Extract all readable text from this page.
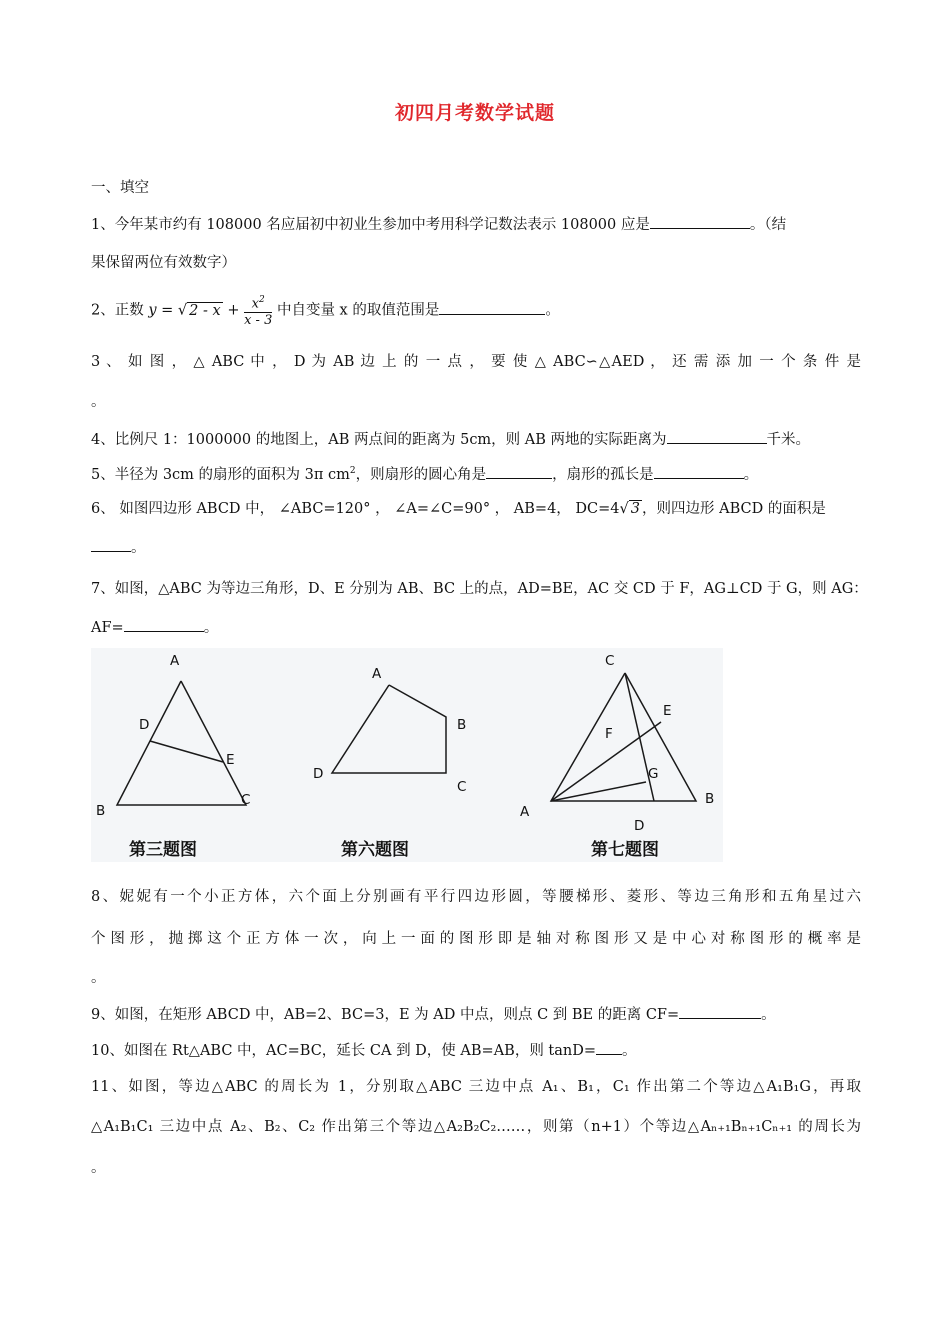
初四月考数学试题
一、填空
1、今年某市约有 108000 名应届初中初业生参加中考用科学记数法表示 108000 应是	。（结
果保留两位有效数字）
2、正数 y = √ $2 - x + \frac{x^2}{x - 3}$ 中自变量 x 的取值范围是	。
3 、 如 图 ， △ ABC 中 ， D 为 AB 边 上 的 一 点 ， 要 使 △ ABC∽△AED ， 还 需 添 加 一 个 条 件 是
。
4、比例尺 1：1000000 的地图上，AB 两点间的距离为 5cm，则 AB 两地的实际距离为	千米。
5、半径为 3cm 的扇形的面积为 3π $cm^2$，则扇形的圆心角是	，扇形的孤长是	。
6、 如图四边形 ABCD 中， ∠ABC=120° ， ∠A=∠C=90° ， AB=4， DC=4√ 3 ，则四边形 ABCD 的面积是
。
7、如图，△ABC 为等边三角形，D、E 分别为 AB、BC 上的点，AD=BE，AC 交 CD 于 F，AG⊥CD 于 G，则 AG：
AF=	。
A
D
E
B
C
第三题图
A
B
D
C
第六题图
C
E
F
G
A
B
D
第七题图
8、妮妮有一个小正方体，六个面上分别画有平行四边形圆，等腰梯形、菱形、等边三角形和五角星过六
个图形，抛掷这个正方体一次，向上一面的图形即是轴对称图形又是中心对称图形的概率是
。
9、如图，在矩形 ABCD 中，AB=2、BC=3，E 为 AD 中点，则点 C 到 BE 的距离 CF=	。
10、如图在 Rt△ABC 中，AC=BC，延长 CA 到 D，使 AB=AB，则 tanD= 。
11、如图，等边△ABC 的周长为 1，分别取△ABC 三边中点 A₁、B₁，C₁ 作出第二个等边△A₁B₁G，再取
△A₁B₁C₁ 三边中点 A₂、B₂、C₂ 作出第三个等边△A₂B₂C₂……，则第（n+1）个等边△Aₙ₊₁Bₙ₊₁Cₙ₊₁ 的周长为
。
